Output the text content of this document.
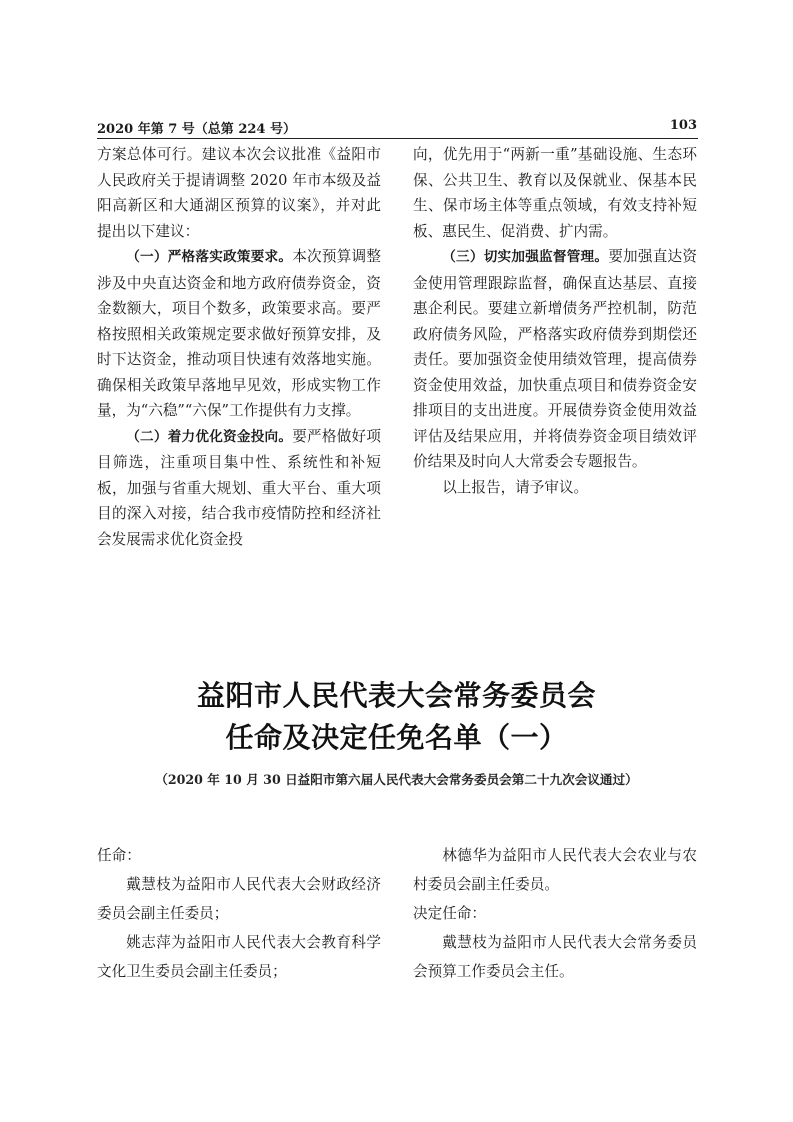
2020 年第 7 号（总第 224 号）	103

方案总体可行。建议本次会议批准《益阳市人民政府关于提请调整 2020 年市本级及益阳高新区和大通湖区预算的议案》，并对此提出以下建议：

（一）严格落实政策要求。本次预算调整涉及中央直达资金和地方政府债券资金，资金数额大，项目个数多，政策要求高。要严格按照相关政策规定要求做好预算安排，及时下达资金，推动项目快速有效落地实施。确保相关政策早落地早见效，形成实物工作量，为“六稳”“六保”工作提供有力支撑。

（二）着力优化资金投向。要严格做好项目筛选，注重项目集中性、系统性和补短板，加强与省重大规划、重大平台、重大项目的深入对接，结合我市疫情防控和经济社会发展需求优化资金投

向，优先用于“两新一重”基础设施、生态环保、公共卫生、教育以及保就业、保基本民生、保市场主体等重点领域，有效支持补短板、惠民生、促消费、扩内需。

（三）切实加强监督管理。要加强直达资金使用管理跟踪监督，确保直达基层、直接惠企利民。要建立新增债务严控机制，防范政府债务风险，严格落实政府债券到期偿还责任。要加强资金使用绩效管理，提高债券资金使用效益，加快重点项目和债券资金安排项目的支出进度。开展债券资金使用效益评估及结果应用，并将债券资金项目绩效评价结果及时向人大常委会专题报告。

以上报告，请予审议。

益阳市人民代表大会常务委员会
任命及决定任免名单（一）
（2020 年 10 月 30 日益阳市第六届人民代表大会常务委员会第二十九次会议通过）

任命：

戴慧枝为益阳市人民代表大会财政经济委员会副主任委员；

姚志萍为益阳市人民代表大会教育科学文化卫生委员会副主任委员；

林德华为益阳市人民代表大会农业与农村委员会副主任委员。

决定任命：

戴慧枝为益阳市人民代表大会常务委员会预算工作委员会主任。
